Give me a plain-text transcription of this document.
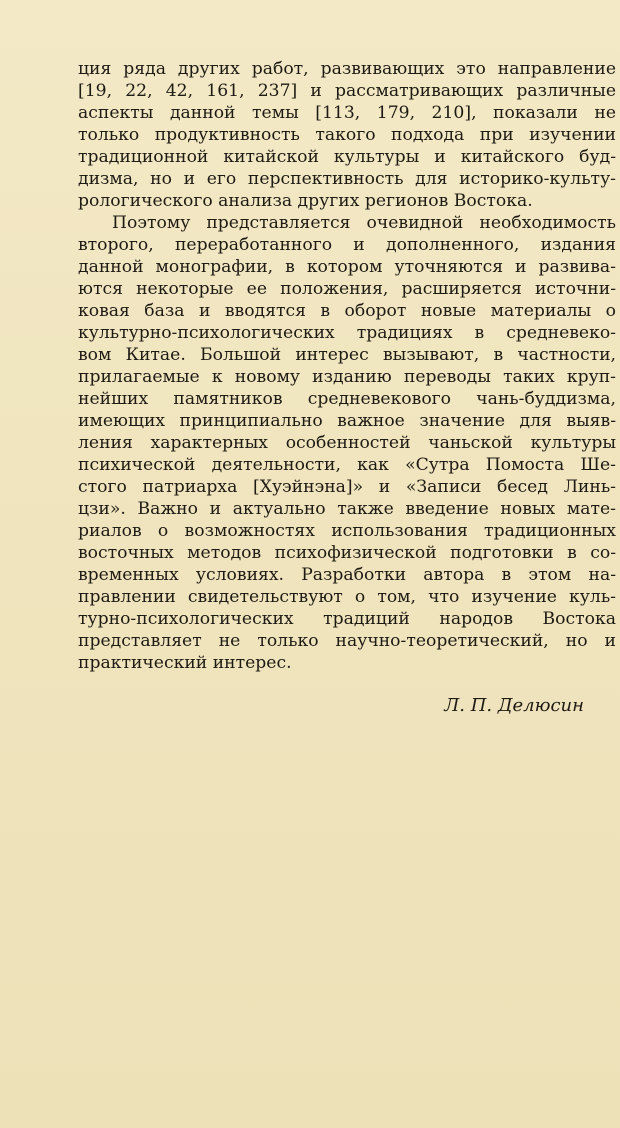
ция ряда других работ, развивающих это направление
[19, 22, 42, 161, 237] и рассматривающих различные
аспекты данной темы [113, 179, 210], показали не
только продуктивность такого подхода при изучении
традиционной китайской культуры и китайского буд-
дизма, но и его перспективность для историко-культу-
рологического анализа других регионов Востока.
Поэтому представляется очевидной необходимость
второго, переработанного и дополненного, издания
данной монографии, в котором уточняются и развива-
ются некоторые ее положения, расширяется источни-
ковая база и вводятся в оборот новые материалы о
культурно-психологических традициях в средневеко-
вом Китае. Большой интерес вызывают, в частности,
прилагаемые к новому изданию переводы таких круп-
нейших памятников средневекового чань-буддизма,
имеющих принципиально важное значение для выяв-
ления характерных особенностей чаньской культуры
психической деятельности, как «Сутра Помоста Ше-
стого патриарха [Хуэйнэна]» и «Записи бесед Линь-
цзи». Важно и актуально также введение новых мате-
риалов о возможностях использования традиционных
восточных методов психофизической подготовки в со-
временных условиях. Разработки автора в этом на-
правлении свидетельствуют о том, что изучение куль-
турно-психологических традиций народов Востока
представляет не только научно-теоретический, но и
практический интерес.
Л. П. Делюсин
